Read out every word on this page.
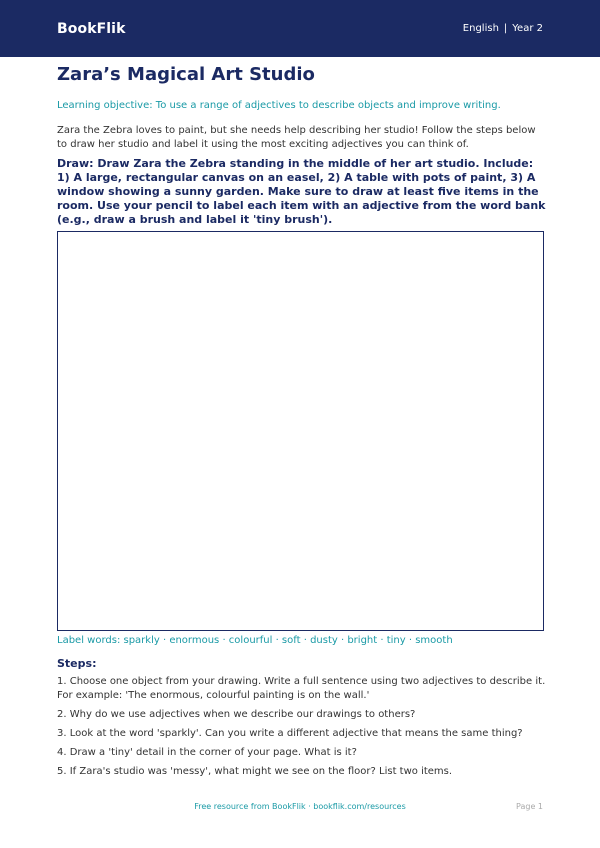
BookFlik	English | Year 2
Zara’s Magical Art Studio

Learning objective: To use a range of adjectives to describe objects and improve writing.

Zara the Zebra loves to paint, but she needs help describing her studio! Follow the steps below to draw her studio and label it using the most exciting adjectives you can think of.

Draw: Draw Zara the Zebra standing in the middle of her art studio. Include: 1) A large, rectangular canvas on an easel, 2) A table with pots of paint, 3) A window showing a sunny garden. Make sure to draw at least five items in the room. Use your pencil to label each item with an adjective from the word bank (e.g., draw a brush and label it 'tiny brush').

Label words: sparkly · enormous · colourful · soft · dusty · bright · tiny · smooth

Steps:
1. Choose one object from your drawing. Write a full sentence using two adjectives to describe it. For example: 'The enormous, colourful painting is on the wall.'
2. Why do we use adjectives when we describe our drawings to others?
3. Look at the word 'sparkly'. Can you write a different adjective that means the same thing?
4. Draw a 'tiny' detail in the corner of your page. What is it?
5. If Zara's studio was 'messy', what might we see on the floor? List two items.
Free resource from BookFlik · bookflik.com/resources	Page 1
